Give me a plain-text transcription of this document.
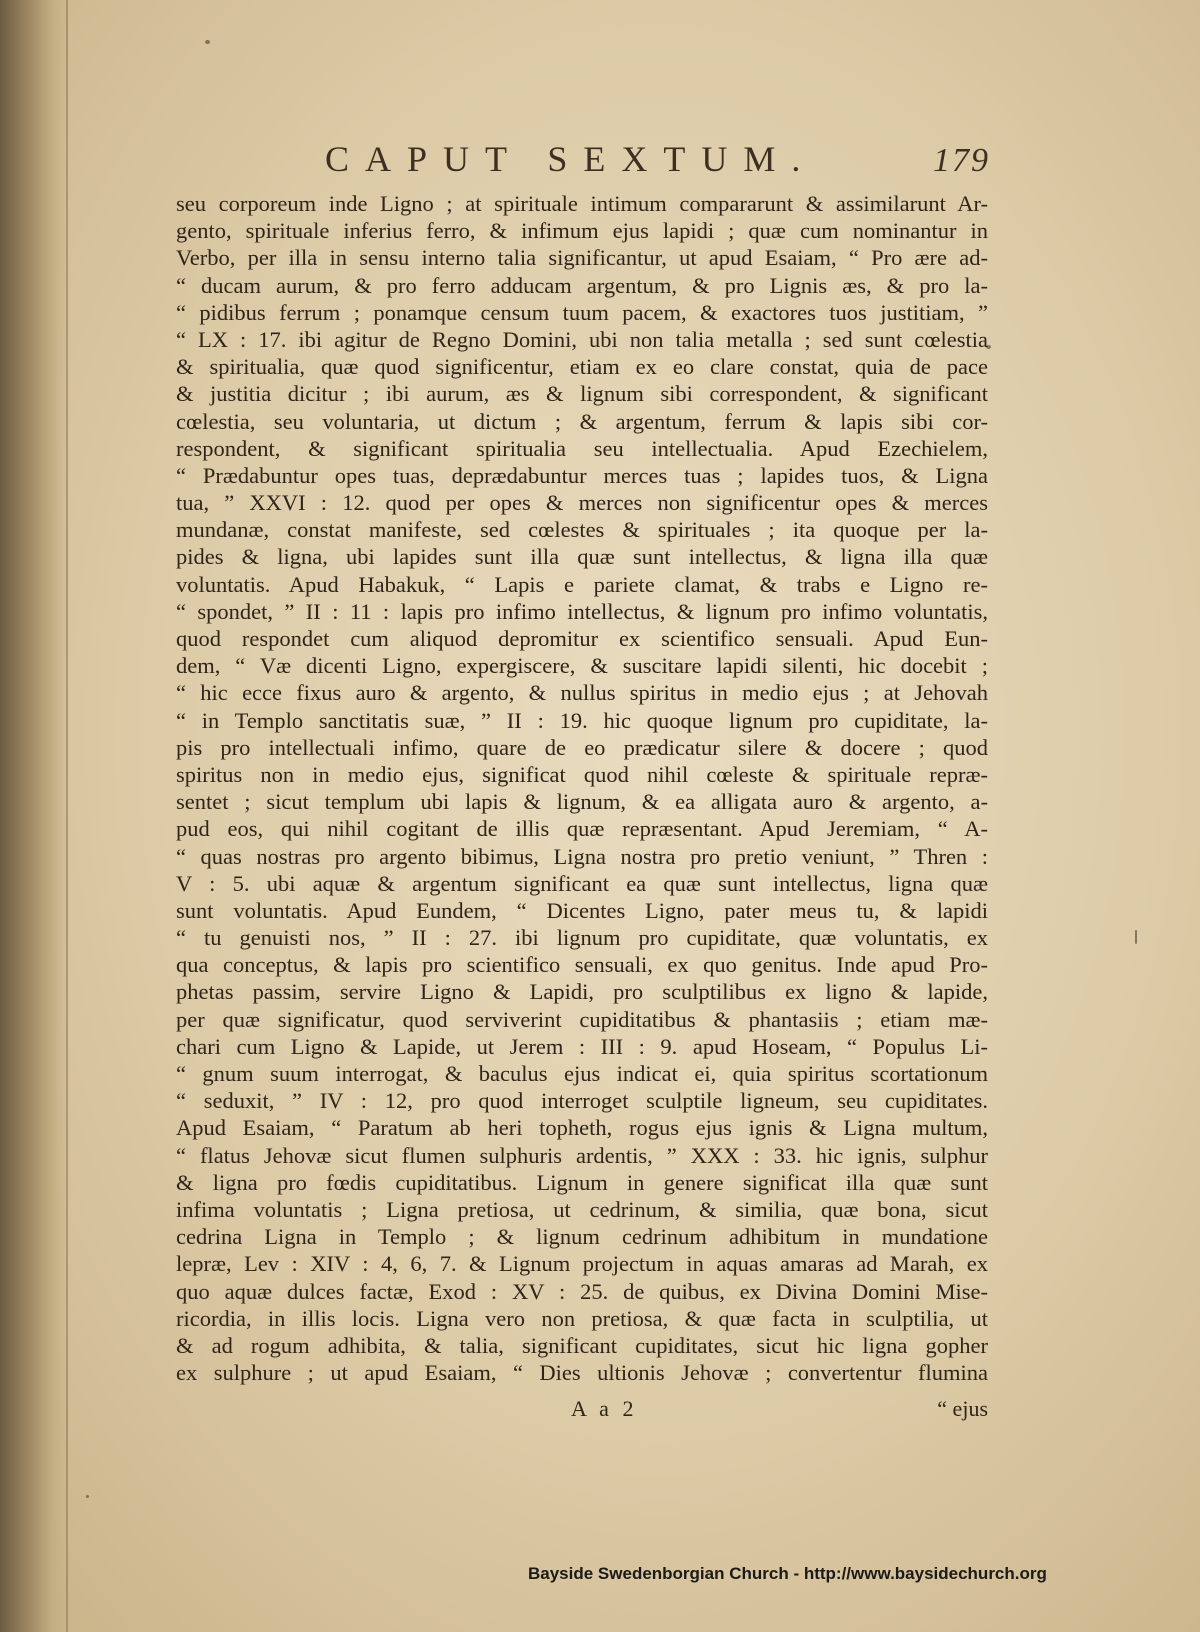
CAPUT SEXTUM.	179
seu corporeum inde Ligno ; at spirituale intimum compararunt & assimilarunt Ar-
gento, spirituale inferius ferro, & infimum ejus lapidi ; quæ cum nominantur in
Verbo, per illa in sensu interno talia significantur, ut apud Esaiam, “ Pro ære ad-
“ ducam aurum, & pro ferro adducam argentum, & pro Lignis æs, & pro la-
“ pidibus ferrum ; ponamque censum tuum pacem, & exactores tuos justitiam, ”
“ LX : 17. ibi agitur de Regno Domini, ubi non talia metalla ; sed sunt cœlestia
& spiritualia, quæ quod significentur, etiam ex eo clare constat, quia de pace
& justitia dicitur ; ibi aurum, æs & lignum sibi correspondent, & significant
cœlestia, seu voluntaria, ut dictum ; & argentum, ferrum & lapis sibi cor-
respondent, & significant spiritualia seu intellectualia. Apud Ezechielem,
“ Prædabuntur opes tuas, deprædabuntur merces tuas ; lapides tuos, & Ligna
tua, ” XXVI : 12. quod per opes & merces non significentur opes & merces
mundanæ, constat manifeste, sed cœlestes & spirituales ; ita quoque per la-
pides & ligna, ubi lapides sunt illa quæ sunt intellectus, & ligna illa quæ
voluntatis. Apud Habakuk, “ Lapis e pariete clamat, & trabs e Ligno re-
“ spondet, ” II : 11 : lapis pro infimo intellectus, & lignum pro infimo voluntatis,
quod respondet cum aliquod depromitur ex scientifico sensuali. Apud Eun-
dem, “ Væ dicenti Ligno, expergiscere, & suscitare lapidi silenti, hic docebit ;
“ hic ecce fixus auro & argento, & nullus spiritus in medio ejus ; at Jehovah
“ in Templo sanctitatis suæ, ” II : 19. hic quoque lignum pro cupiditate, la-
pis pro intellectuali infimo, quare de eo prædicatur silere & docere ; quod
spiritus non in medio ejus, significat quod nihil cœleste & spirituale repræ-
sentet ; sicut templum ubi lapis & lignum, & ea alligata auro & argento, a-
pud eos, qui nihil cogitant de illis quæ repræsentant. Apud Jeremiam, “ A-
“ quas nostras pro argento bibimus, Ligna nostra pro pretio veniunt, ” Thren :
V : 5. ubi aquæ & argentum significant ea quæ sunt intellectus, ligna quæ
sunt voluntatis. Apud Eundem, “ Dicentes Ligno, pater meus tu, & lapidi
“ tu genuisti nos, ” II : 27. ibi lignum pro cupiditate, quæ voluntatis, ex
qua conceptus, & lapis pro scientifico sensuali, ex quo genitus. Inde apud Pro-
phetas passim, servire Ligno & Lapidi, pro sculptilibus ex ligno & lapide,
per quæ significatur, quod serviverint cupiditatibus & phantasiis ; etiam mæ-
chari cum Ligno & Lapide, ut Jerem : III : 9. apud Hoseam, “ Populus Li-
“ gnum suum interrogat, & baculus ejus indicat ei, quia spiritus scortationum
“ seduxit, ” IV : 12, pro quod interroget sculptile ligneum, seu cupiditates.
Apud Esaiam, “ Paratum ab heri topheth, rogus ejus ignis & Ligna multum,
“ flatus Jehovæ sicut flumen sulphuris ardentis, ” XXX : 33. hic ignis, sulphur
& ligna pro fœdis cupiditatibus. Lignum in genere significat illa quæ sunt
infima voluntatis ; Ligna pretiosa, ut cedrinum, & similia, quæ bona, sicut
cedrina Ligna in Templo ; & lignum cedrinum adhibitum in mundatione
lepræ, Lev : XIV : 4, 6, 7. & Lignum projectum in aquas amaras ad Marah, ex
quo aquæ dulces factæ, Exod : XV : 25. de quibus, ex Divina Domini Mise-
ricordia, in illis locis. Ligna vero non pretiosa, & quæ facta in sculptilia, ut
& ad rogum adhibita, & talia, significant cupiditates, sicut hic ligna gopher
ex sulphure ; ut apud Esaiam, “ Dies ultionis Jehovæ ; convertentur flumina
A a 2	“ ejus
Bayside Swedenborgian Church - http://www.baysidechurch.org
